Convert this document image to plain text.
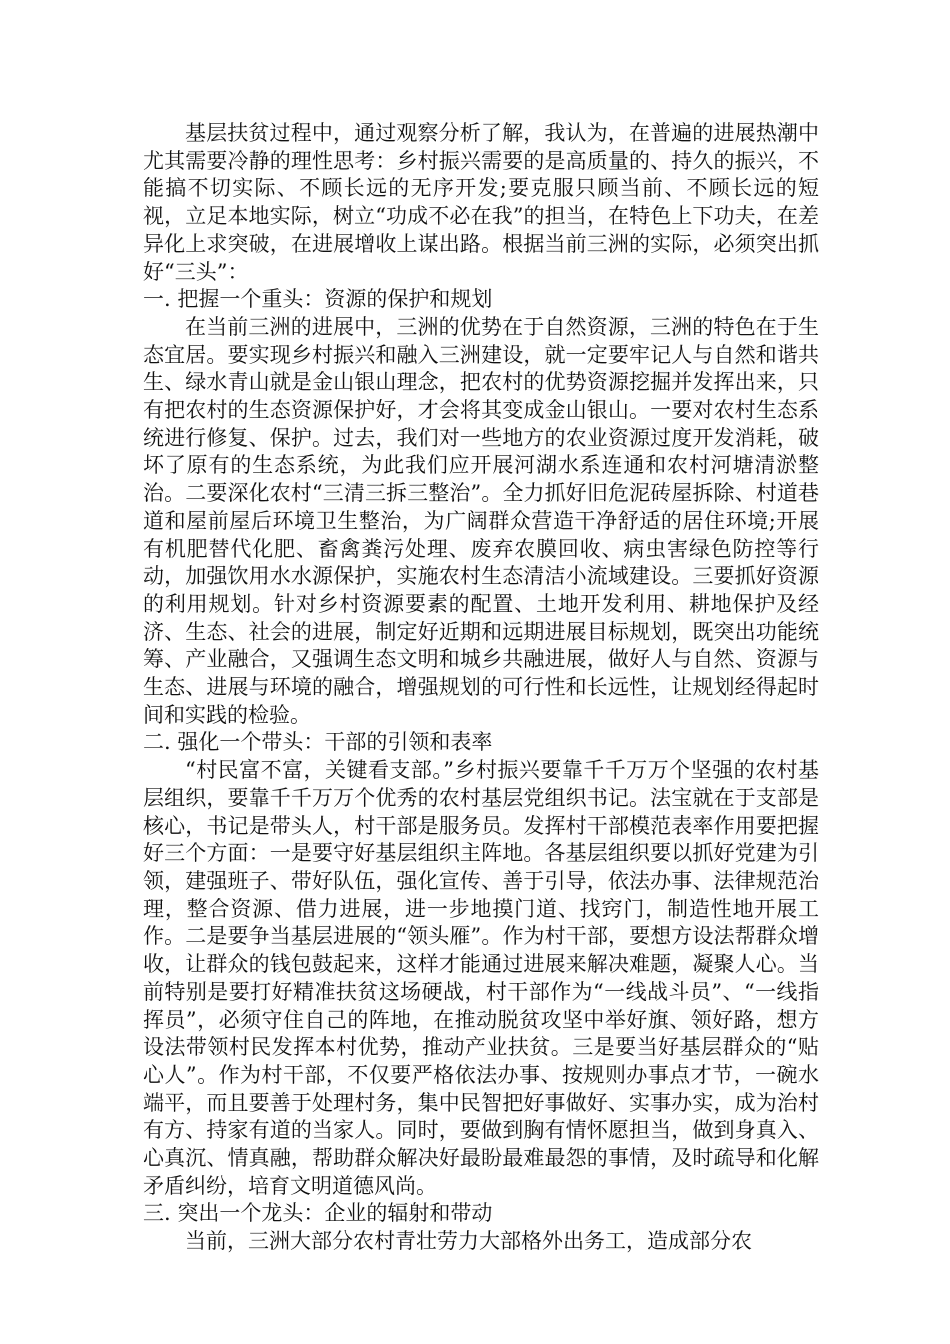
基层扶贫过程中，通过观察分析了解，我认为，在普遍的进展热潮中尤其需要冷静的理性思考：乡村振兴需要的是高质量的、持久的振兴，不能搞不切实际、不顾长远的无序开发;要克服只顾当前、不顾长远的短视，立足本地实际，树立“功成不必在我”的担当，在特色上下功夫，在差异化上求突破，在进展增收上谋出路。根据当前三洲的实际，必须突出抓好“三头”：

一. 把握一个重头：资源的保护和规划

在当前三洲的进展中，三洲的优势在于自然资源，三洲的特色在于生态宜居。要实现乡村振兴和融入三洲建设，就一定要牢记人与自然和谐共生、绿水青山就是金山银山理念，把农村的优势资源挖掘并发挥出来，只有把农村的生态资源保护好，才会将其变成金山银山。一要对农村生态系统进行修复、保护。过去，我们对一些地方的农业资源过度开发消耗，破坏了原有的生态系统，为此我们应开展河湖水系连通和农村河塘清淤整治。二要深化农村“三清三拆三整治”。全力抓好旧危泥砖屋拆除、村道巷道和屋前屋后环境卫生整治，为广阔群众营造干净舒适的居住环境;开展有机肥替代化肥、畜禽粪污处理、废弃农膜回收、病虫害绿色防控等行动，加强饮用水水源保护，实施农村生态清洁小流域建设。三要抓好资源的利用规划。针对乡村资源要素的配置、土地开发利用、耕地保护及经济、生态、社会的进展，制定好近期和远期进展目标规划，既突出功能统筹、产业融合，又强调生态文明和城乡共融进展，做好人与自然、资源与生态、进展与环境的融合，增强规划的可行性和长远性，让规划经得起时间和实践的检验。

二. 强化一个带头：干部的引领和表率

“村民富不富，关键看支部。”乡村振兴要靠千千万万个坚强的农村基层组织，要靠千千万万个优秀的农村基层党组织书记。法宝就在于支部是核心，书记是带头人，村干部是服务员。发挥村干部模范表率作用要把握好三个方面：一是要守好基层组织主阵地。各基层组织要以抓好党建为引领，建强班子、带好队伍，强化宣传、善于引导，依法办事、法律规范治理，整合资源、借力进展，进一步地摸门道、找窍门，制造性地开展工作。二是要争当基层进展的“领头雁”。作为村干部，要想方设法帮群众增收，让群众的钱包鼓起来，这样才能通过进展来解决难题，凝聚人心。当前特别是要打好精准扶贫这场硬战，村干部作为“一线战斗员”、“一线指挥员”，必须守住自己的阵地，在推动脱贫攻坚中举好旗、领好路，想方设法带领村民发挥本村优势，推动产业扶贫。三是要当好基层群众的“贴心人”。作为村干部，不仅要严格依法办事、按规则办事点才节，一碗水端平，而且要善于处理村务，集中民智把好事做好、实事办实，成为治村有方、持家有道的当家人。同时，要做到胸有情怀愿担当，做到身真入、心真沉、情真融，帮助群众解决好最盼最难最怨的事情，及时疏导和化解矛盾纠纷，培育文明道德风尚。

三. 突出一个龙头：企业的辐射和带动

当前，三洲大部分农村青壮劳力大部格外出务工，造成部分农
